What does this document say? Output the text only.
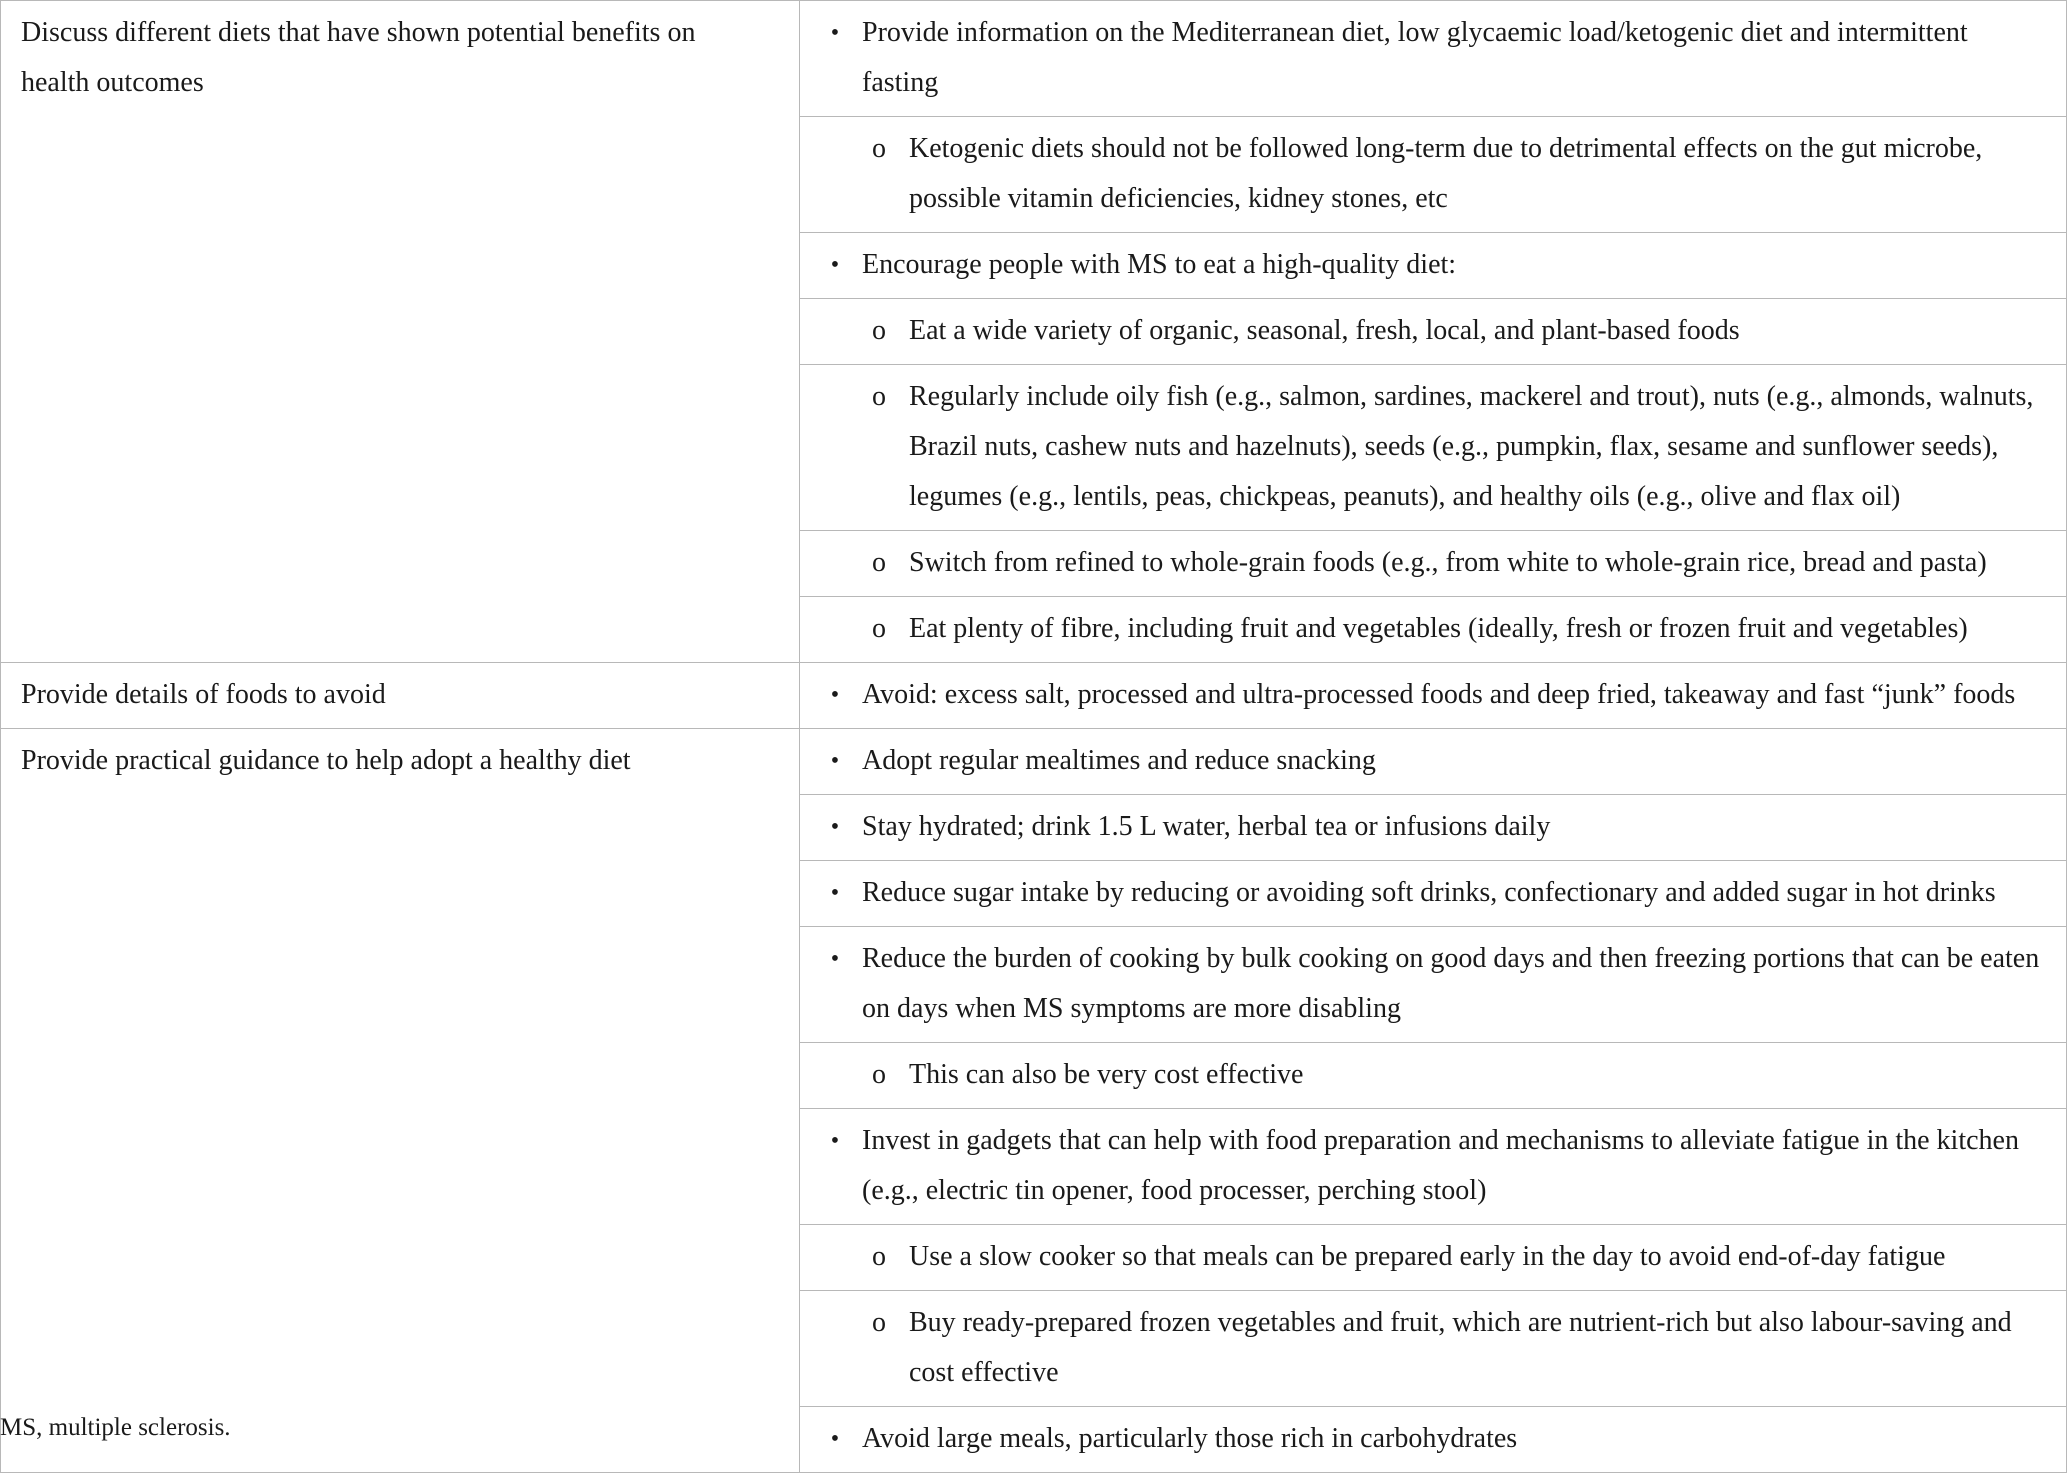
Discuss different diets that have shown potential benefits on health outcomes	• Provide information on the Mediterranean diet, low glycaemic load/ketogenic diet and intermittent fasting

	o Ketogenic diets should not be followed long-term due to detrimental effects on the gut microbe, possible vitamin deficiencies, kidney stones, etc

	• Encourage people with MS to eat a high-quality diet:

	o Eat a wide variety of organic, seasonal, fresh, local, and plant-based foods

	o Regularly include oily fish (e.g., salmon, sardines, mackerel and trout), nuts (e.g., almonds, walnuts, Brazil nuts, cashew nuts and hazelnuts), seeds (e.g., pumpkin, flax, sesame and sunflower seeds), legumes (e.g., lentils, peas, chickpeas, peanuts), and healthy oils (e.g., olive and flax oil)

	o Switch from refined to whole-grain foods (e.g., from white to whole-grain rice, bread and pasta)

	o Eat plenty of fibre, including fruit and vegetables (ideally, fresh or frozen fruit and vegetables)

Provide details of foods to avoid	• Avoid: excess salt, processed and ultra-processed foods and deep fried, takeaway and fast “junk” foods

Provide practical guidance to help adopt a healthy diet	• Adopt regular mealtimes and reduce snacking

	• Stay hydrated; drink 1.5 L water, herbal tea or infusions daily

	• Reduce sugar intake by reducing or avoiding soft drinks, confectionary and added sugar in hot drinks

	• Reduce the burden of cooking by bulk cooking on good days and then freezing portions that can be eaten on days when MS symptoms are more disabling

	o This can also be very cost effective

	• Invest in gadgets that can help with food preparation and mechanisms to alleviate fatigue in the kitchen (e.g., electric tin opener, food processer, perching stool)

	o Use a slow cooker so that meals can be prepared early in the day to avoid end-of-day fatigue

	o Buy ready-prepared frozen vegetables and fruit, which are nutrient-rich but also labour-saving and cost effective

	• Avoid large meals, particularly those rich in carbohydrates
MS, multiple sclerosis.
